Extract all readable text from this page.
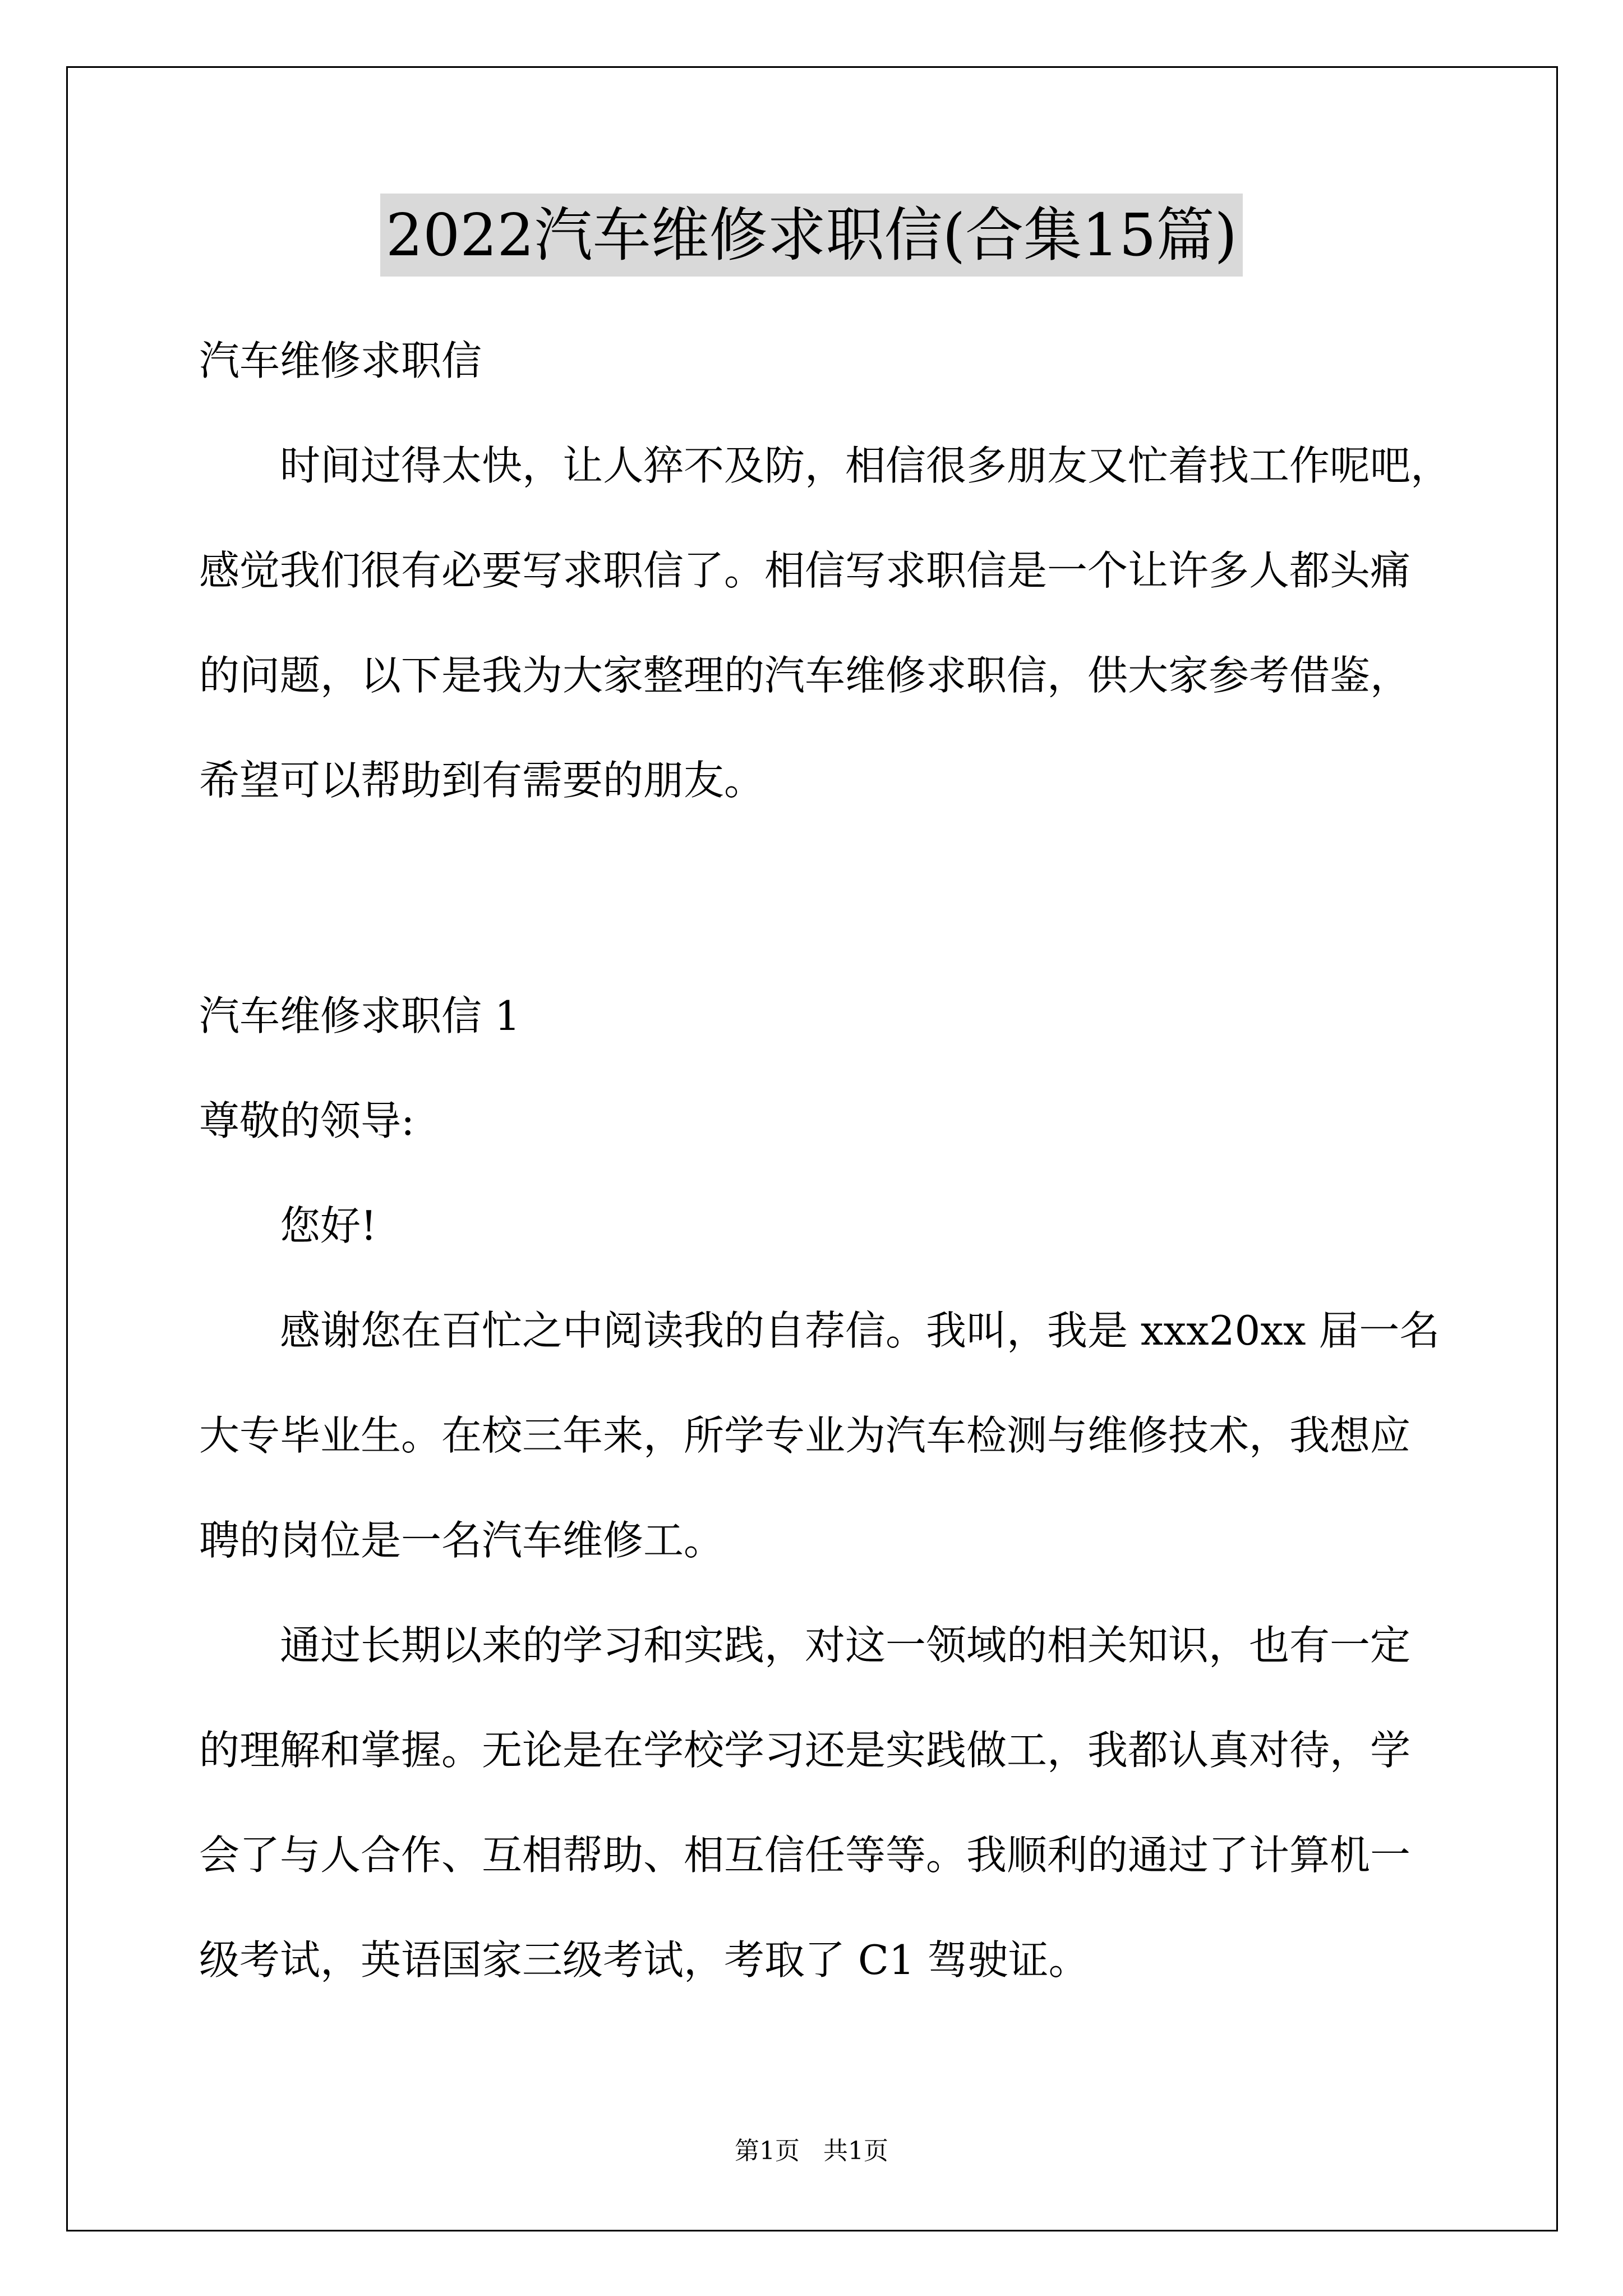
2022汽车维修求职信(合集15篇)
汽车维修求职信
　　时间过得太快，让人猝不及防，相信很多朋友又忙着找工作呢吧，
感觉我们很有必要写求职信了。相信写求职信是一个让许多人都头痛
的问题，以下是我为大家整理的汽车维修求职信，供大家参考借鉴，
希望可以帮助到有需要的朋友。
汽车维修求职信 1
尊敬的领导:
　　您好!
　　感谢您在百忙之中阅读我的自荐信。我叫，我是 xxx20xx 届一名
大专毕业生。在校三年来，所学专业为汽车检测与维修技术，我想应
聘的岗位是一名汽车维修工。
　　通过长期以来的学习和实践，对这一领域的相关知识，也有一定
的理解和掌握。无论是在学校学习还是实践做工，我都认真对待，学
会了与人合作、互相帮助、相互信任等等。我顺利的通过了计算机一
级考试，英语国家三级考试，考取了 C1 驾驶证。
第1页   共1页
